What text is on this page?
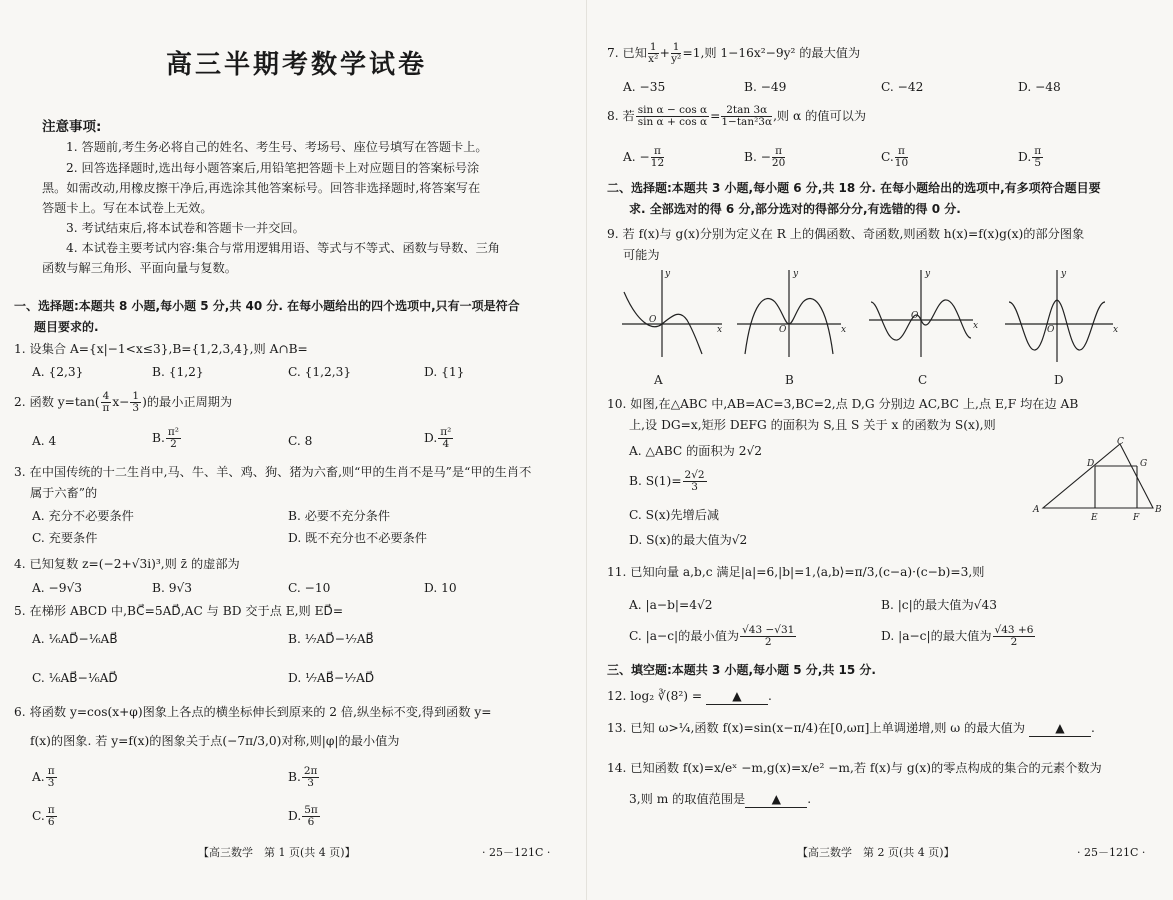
高三半期考数学试卷
注意事项:
1. 答题前,考生务必将自己的姓名、考生号、考场号、座位号填写在答题卡上。
2. 回答选择题时,选出每小题答案后,用铅笔把答题卡上对应题目的答案标号涂
黑。如需改动,用橡皮擦干净后,再选涂其他答案标号。回答非选择题时,将答案写在
答题卡上。写在本试卷上无效。
3. 考试结束后,将本试卷和答题卡一并交回。
4. 本试卷主要考试内容:集合与常用逻辑用语、等式与不等式、函数与导数、三角
函数与解三角形、平面向量与复数。
一、选择题:本题共 8 小题,每小题 5 分,共 40 分. 在每小题给出的四个选项中,只有一项是符合
题目要求的.
1. 设集合 A={x|−1<x≤3},B={1,2,3,4},则 A∩B=
A. {2,3}	B. {1,2}	C. {1,2,3}	D. {1}
2. 函数 $y=\tan( \frac{4}{\pi} x- \frac{1}{3}$ )的最小正周期为
A. 4	B. $\frac{\text{π²}}{2}$	C. 8	D. $\frac{\text{π²}}{4}$
3. 在中国传统的十二生肖中,马、牛、羊、鸡、狗、猪为六畜,则“甲的生肖不是马”是“甲的生肖不
属于六畜”的
A. 充分不必要条件	B. 必要不充分条件
C. 充要条件	D. 既不充分也不必要条件
4. 已知复数 z=(−2+√3i)³,则 z̄ 的虚部为
A. −9√3	B. 9√3	C. −10	D. 10
5. 在梯形 ABCD 中,BC⃗=5AD⃗,AC 与 BD 交于点 E,则 ED⃗=
A. ¹⁄₆AD⃗−¹⁄₆AB⃗	B. ¹⁄₇AD⃗−¹⁄₇AB⃗
C. ¹⁄₆AB⃗−¹⁄₆AD⃗	D. ¹⁄₇AB⃗−¹⁄₇AD⃗
6. 将函数 y=cos(x+φ)图象上各点的横坐标伸长到原来的 2 倍,纵坐标不变,得到函数 y=
f(x)的图象. 若 y=f(x)的图象关于点(−7π/3,0)对称,则|φ|的最小值为
A. $\frac{\pi}{3}$	B. $\frac{2\pi}{3}$
C. $\frac{\pi}{6}$	D. $\frac{5\pi}{6}$
【高三数学　第 1 页(共 4 页)】	· 25－121C ·
7. 已知 $\frac{1}{\text{x²}} + \frac{1}{\text{y²}} =1$,则 1−16x²−9y² 的最大值为
A. −35	B. −49	C. −42	D. −48
8. 若 $\frac{\text{sin α − cos α}}{\text{sin α + cos α}} = \frac{2\tan 3\alpha}{\text{1−tan²3α}}$ ,则 α 的值可以为
A. − $\frac{\pi}{12}$	B. − $\frac{\pi}{20}$	C. $\frac{\pi}{10}$	D. $\frac{\pi}{5}$
二、选择题:本题共 3 小题,每小题 6 分,共 18 分. 在每小题给出的选项中,有多项符合题目要
求. 全部选对的得 6 分,部分选对的得部分分,有选错的得 0 分.
9. 若 f(x)与 g(x)分别为定义在 R 上的偶函数、奇函数,则函数 h(x)=f(x)g(x)的部分图象
可能为
x
y
O
x
y
O	x
y
O
x
y
O
A	B	C	D
10. 如图,在△ABC 中,AB=AC=3,BC=2,点 D,G 分别边 AC,BC 上,点 E,F 均在边 AB
上,设 DG=x,矩形 DEFG 的面积为 S,且 S 关于 x 的函数为 S(x),则
A. △ABC 的面积为 2√2
B. $S(1)= \frac{2√2}{3}$
C. S(x)先增后减
D. S(x)的最大值为√2
A	B
C
D
E	F
G
11. 已知向量 a,b,c 满足|a|=6,|b|=1,⟨a,b⟩=π/3,(c−a)·(c−b)=3,则
A. |a−b|=4√2	B. |c|的最大值为√43
C. |a−c|的最小值为 $\frac{√43 -√31}{2}$	D. |a−c|的最大值为 $\frac{√43 +6}{2}$
三、填空题:本题共 3 小题,每小题 5 分,共 15 分.
12. log₂ ∛(8²) = ▲ .
13. 已知 ω>¼,函数 f(x)=sin(x−π/4)在[0,ωπ]上单调递增,则 ω 的最大值为 ▲ .
14. 已知函数 f(x)=x/eˣ −m,g(x)=x/e² −m,若 f(x)与 g(x)的零点构成的集合的元素个数为
3,则 m 的取值范围是 ▲ .
【高三数学　第 2 页(共 4 页)】	· 25－121C ·
